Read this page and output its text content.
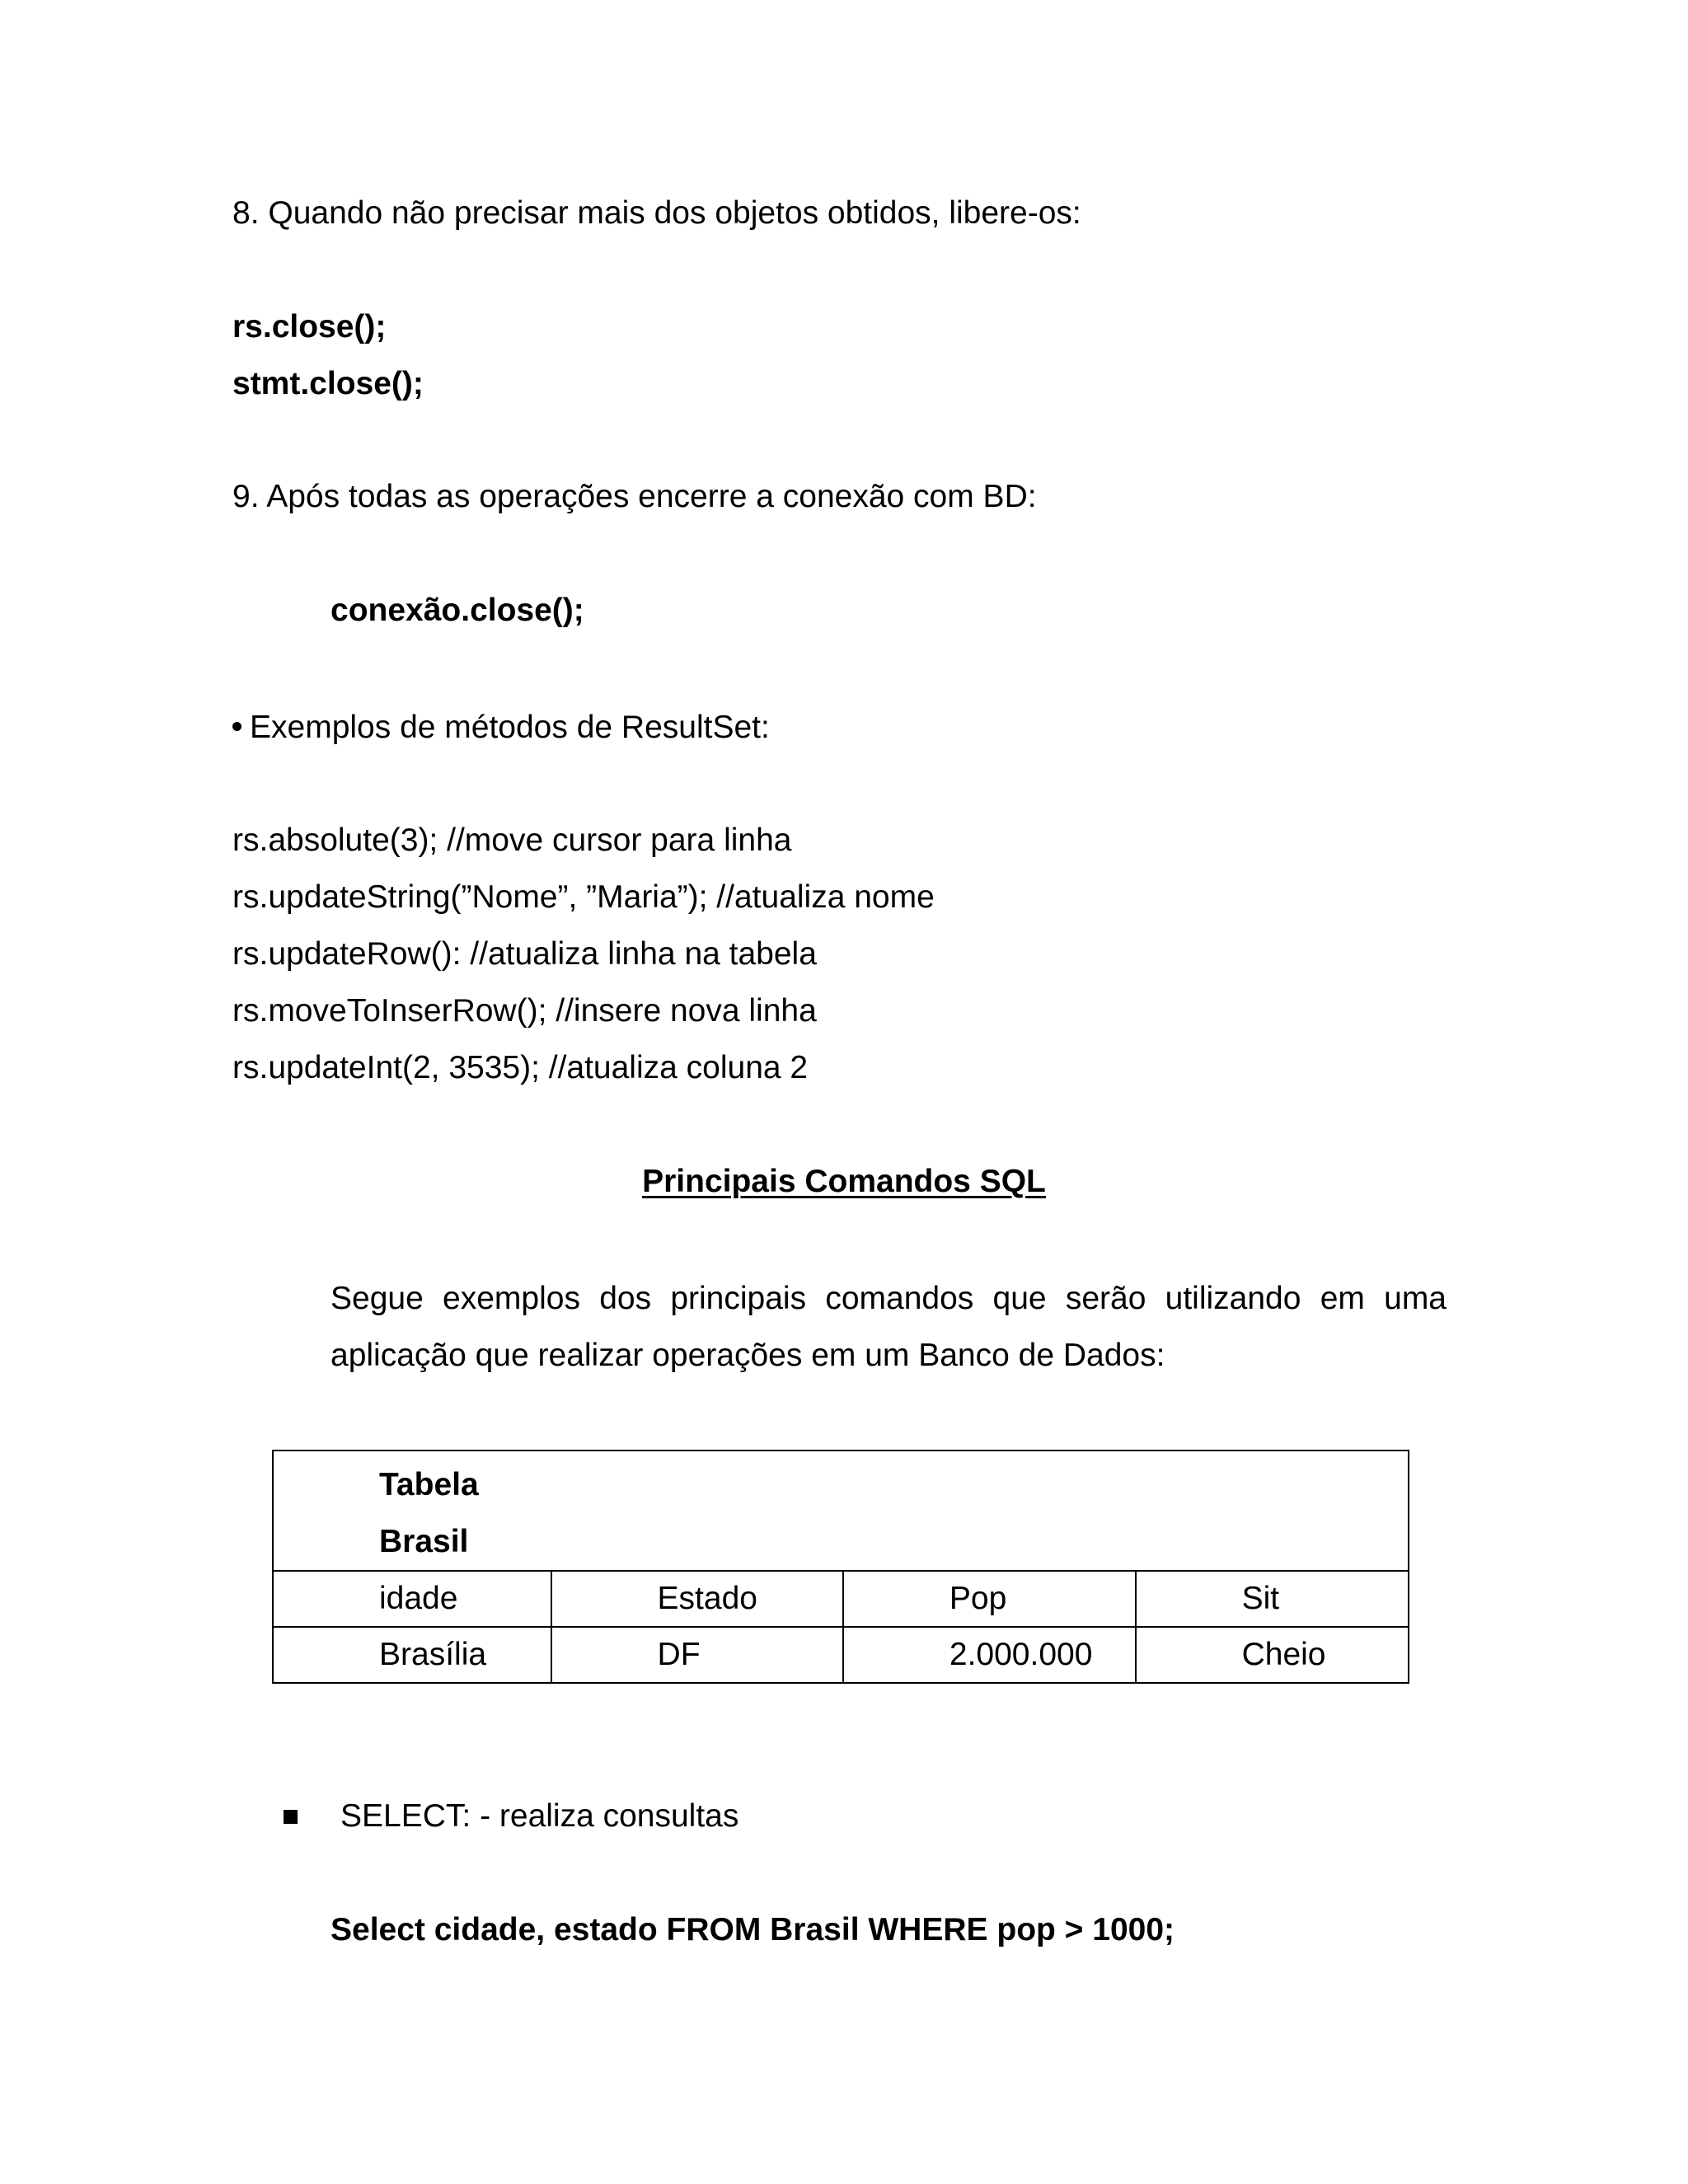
8. Quando não precisar mais dos objetos obtidos, libere-os:
rs.close();
stmt.close();
9. Após todas as operações encerre a conexão com BD:
conexão.close();
Exemplos de métodos de ResultSet:
rs.absolute(3); //move cursor para linha
rs.updateString(”Nome”, ”Maria”); //atualiza nome
rs.updateRow(): //atualiza linha na tabela
rs.moveToInserRow(); //insere nova linha
rs.updateInt(2, 3535); //atualiza coluna 2
Principais Comandos SQL
Segue exemplos dos principais comandos que serão utilizando em uma aplicação que realizar operações em um Banco de Dados:
Tabela
Brasil			

idade	Estado	Pop	Sit

Brasília	DF	2.000.000	Cheio
SELECT: - realiza consultas
Select cidade, estado FROM Brasil WHERE pop > 1000;
